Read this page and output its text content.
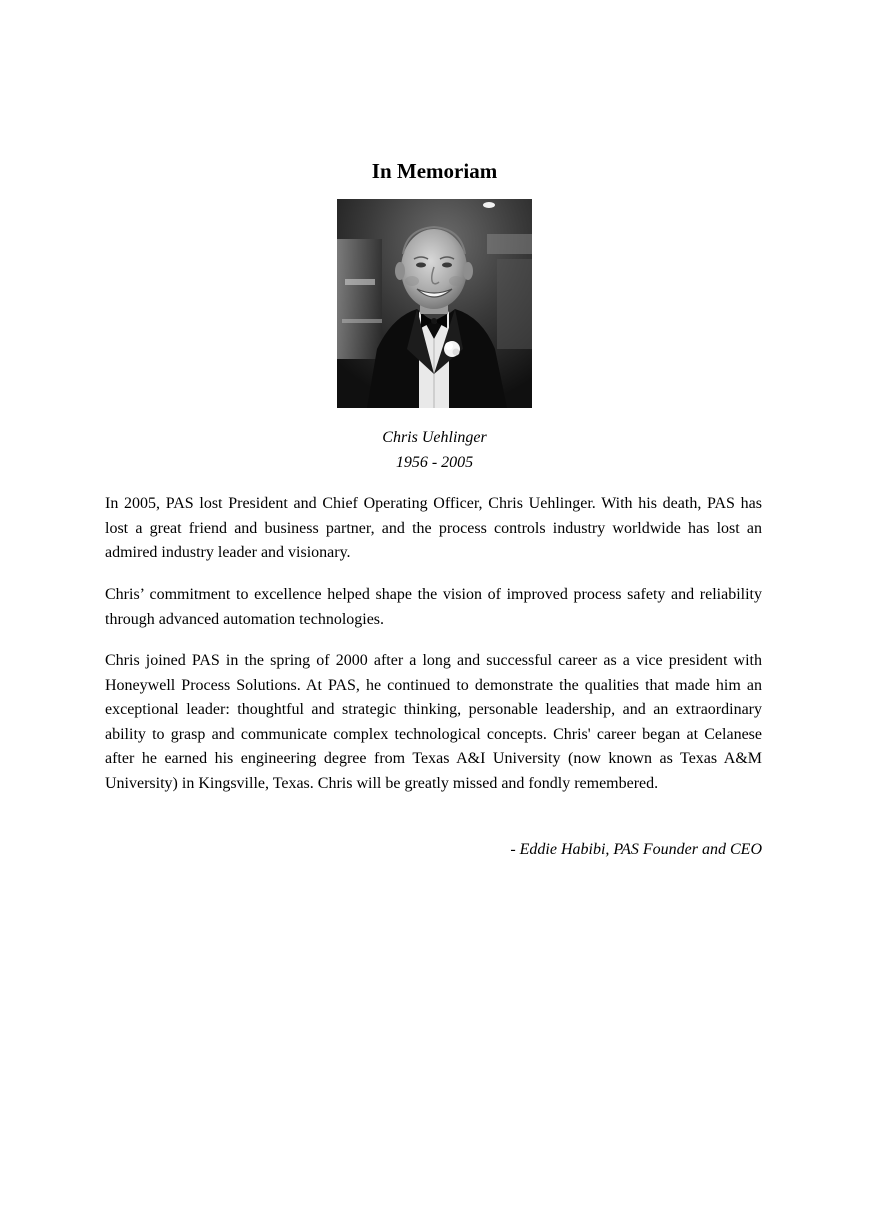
In Memoriam
Chris Uehlinger
1956 - 2005

In 2005, PAS lost President and Chief Operating Officer, Chris Uehlinger. With his death, PAS has lost a great friend and business partner, and the process controls industry worldwide has lost an admired industry leader and visionary.

Chris’ commitment to excellence helped shape the vision of improved process safety and reliability through advanced automation technologies.

Chris joined PAS in the spring of 2000 after a long and successful career as a vice president with Honeywell Process Solutions. At PAS, he continued to demonstrate the qualities that made him an exceptional leader: thoughtful and strategic thinking, personable leadership, and an extraordinary ability to grasp and communicate complex technological concepts. Chris' career began at Celanese after he earned his engineering degree from Texas A&I University (now known as Texas A&M University) in Kingsville, Texas. Chris will be greatly missed and fondly remembered.

- Eddie Habibi, PAS Founder and CEO
